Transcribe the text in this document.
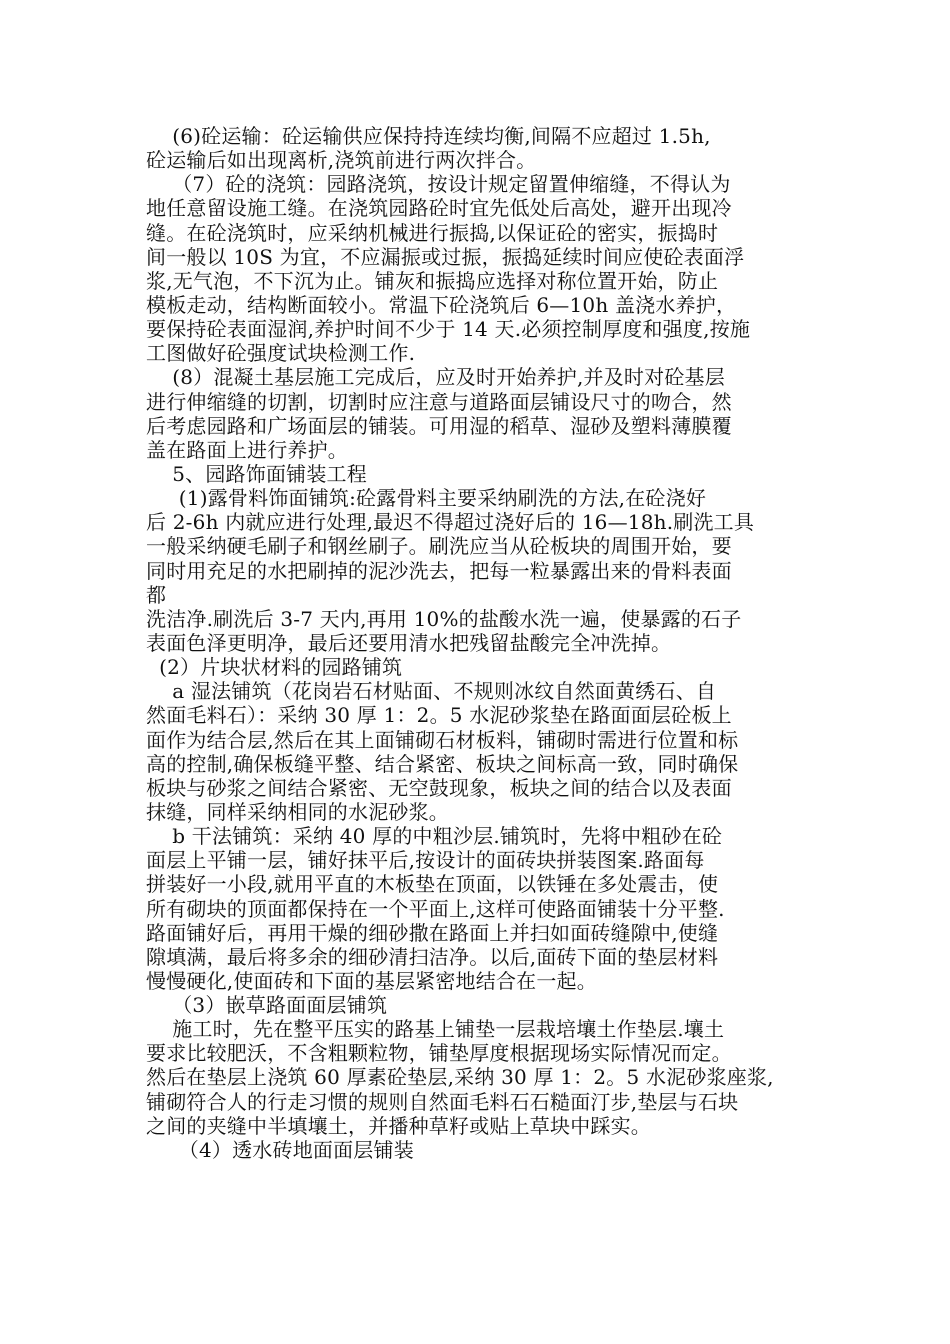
(6)砼运输：砼运输供应保持持连续均衡,间隔不应超过 1.5h,
砼运输后如出现离析,浇筑前进行两次拌合。
（7）砼的浇筑：园路浇筑，按设计规定留置伸缩缝，不得认为
地任意留设施工缝。在浇筑园路砼时宜先低处后高处，避开出现冷
缝。在砼浇筑时，应采纳机械进行振捣,以保证砼的密实，振捣时
间一般以 10S 为宜，不应漏振或过振，振捣延续时间应使砼表面浮
浆,无气泡，不下沉为止。铺灰和振捣应选择对称位置开始，防止
模板走动，结构断面较小。常温下砼浇筑后 6—10h 盖浇水养护，
要保持砼表面湿润,养护时间不少于 14 天.必须控制厚度和强度,按施
工图做好砼强度试块检测工作.
(8）混凝土基层施工完成后，应及时开始养护,并及时对砼基层
进行伸缩缝的切割，切割时应注意与道路面层铺设尺寸的吻合，然
后考虑园路和广场面层的铺装。可用湿的稻草、湿砂及塑料薄膜覆
盖在路面上进行养护。
5、园路饰面铺装工程
(1)露骨料饰面铺筑:砼露骨料主要采纳刷洗的方法,在砼浇好
后 2-6h 内就应进行处理,最迟不得超过浇好后的 16—18h.刷洗工具
一般采纳硬毛刷子和钢丝刷子。刷洗应当从砼板块的周围开始，要
同时用充足的水把刷掉的泥沙洗去，把每一粒暴露出来的骨料表面
都
洗洁净.刷洗后 3-7 天内,再用 10%的盐酸水洗一遍，使暴露的石子
表面色泽更明净，最后还要用清水把残留盐酸完全冲洗掉。
(2）片块状材料的园路铺筑
a 湿法铺筑（花岗岩石材贴面、不规则冰纹自然面黄绣石、自
然面毛料石）：采纳 30 厚 1：2。5 水泥砂浆垫在路面面层砼板上
面作为结合层,然后在其上面铺砌石材板料，铺砌时需进行位置和标
高的控制,确保板缝平整、结合紧密、板块之间标高一致，同时确保
板块与砂浆之间结合紧密、无空鼓现象，板块之间的结合以及表面
抹缝，同样采纳相同的水泥砂浆。
b 干法铺筑：采纳 40 厚的中粗沙层.铺筑时，先将中粗砂在砼
面层上平铺一层，铺好抹平后,按设计的面砖块拼装图案.路面每
拼装好一小段,就用平直的木板垫在顶面，以铁锤在多处震击，使
所有砌块的顶面都保持在一个平面上,这样可使路面铺装十分平整.
路面铺好后，再用干燥的细砂撒在路面上并扫如面砖缝隙中,使缝
隙填满，最后将多余的细砂清扫洁净。以后,面砖下面的垫层材料
慢慢硬化,使面砖和下面的基层紧密地结合在一起。
（3）嵌草路面面层铺筑
施工时，先在整平压实的路基上铺垫一层栽培壤土作垫层.壤土
要求比较肥沃，不含粗颗粒物，铺垫厚度根据现场实际情况而定。
然后在垫层上浇筑 60 厚素砼垫层,采纳 30 厚 1：2。5 水泥砂浆座浆,
铺砌符合人的行走习惯的规则自然面毛料石石糙面汀步,垫层与石块
之间的夹缝中半填壤土，并播种草籽或贴上草块中踩实。
（4）透水砖地面面层铺装
